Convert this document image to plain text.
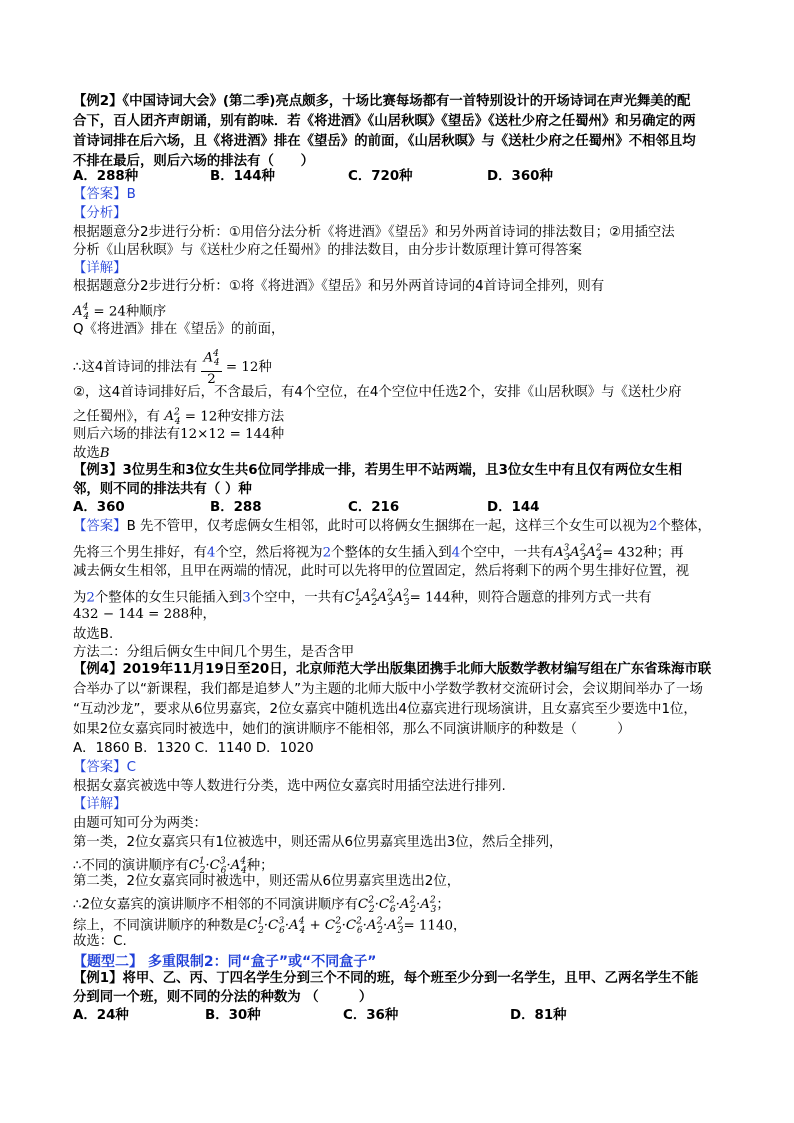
【例2】《中国诗词大会》(第二季)亮点颇多，十场比赛每场都有一首特别设计的开场诗词在声光舞美的配
合下，百人团齐声朗诵，别有韵味．若《将进酒》《山居秋暝》《望岳》《送杜少府之任蜀州》和另确定的两
首诗词排在后六场，且《将进酒》排在《望岳》的前面，《山居秋暝》与《送杜少府之任蜀州》不相邻且均
不排在最后，则后六场的排法有（　　）
A．288种	B．144种	C．720种	D．360种
【答案】B
【分析】
根据题意分2步进行分析：①用倍分法分析《将进酒》《望岳》和另外两首诗词的排法数目；②用插空法
分析《山居秋暝》与《送杜少府之任蜀州》的排法数目，由分步计数原理计算可得答案
【详解】
根据题意分2步进行分析：①将《将进酒》《望岳》和另外两首诗词的4首诗词全排列，则有
$A^4_4 = 24$种顺序
Q《将进酒》排在《望岳》的前面，
∴这4首诗词的排法有 $\frac{A^4_4}{2} = 12$种
②，这4首诗词排好后，不含最后，有4个空位，在4个空位中任选2个，安排《山居秋暝》与《送杜少府
之任蜀州》，有 $A^2_4 = 12$种安排方法
则后六场的排法有12×12 = 144种
故选B
【例3】3位男生和3位女生共6位同学排成一排，若男生甲不站两端，且3位女生中有且仅有两位女生相
邻，则不同的排法共有（ ）种
A．360	B．288	C．216	D．144
【答案】B 先不管甲，仅考虑俩女生相邻，此时可以将俩女生捆绑在一起，这样三个女生可以视为2个整体，
先将三个男生排好，有4个空，然后将视为2个整体的女生插入到4个空中，一共有$A^3_3A^2_3A^2_4= 432$种；再
减去俩女生相邻，且甲在两端的情况，此时可以先将甲的位置固定，然后将剩下的两个男生排好位置，视
为2个整体的女生只能插入到3个空中，一共有$C^1_2A^2_2A^2_3A^2_3= 144$种，则符合题意的排列方式一共有
432 − 144 = 288种，
故选B.
方法二：分组后俩女生中间几个男生，是否含甲
【例4】2019年11月19日至20日，北京师范大学出版集团携手北师大版数学教材编写组在广东省珠海市联
合举办了以“新课程，我们都是追梦人”为主题的北师大版中小学数学教材交流研讨会，会议期间举办了一场
“互动沙龙”，要求从6位男嘉宾，2位女嘉宾中随机选出4位嘉宾进行现场演讲，且女嘉宾至少要选中1位，
如果2位女嘉宾同时被选中，她们的演讲顺序不能相邻，那么不同演讲顺序的种数是（　　　）
A．1860 B．1320 C．1140 D．1020
【答案】C
根据女嘉宾被选中等人数进行分类，选中两位女嘉宾时用插空法进行排列.
【详解】
由题可知可分为两类：
第一类，2位女嘉宾只有1位被选中，则还需从6位男嘉宾里选出3位，然后全排列，
∴不同的演讲顺序有$C^1_2\cdot C^3_6\cdot A^4_4$种；
第二类，2位女嘉宾同时被选中，则还需从6位男嘉宾里选出2位，
∴2位女嘉宾的演讲顺序不相邻的不同演讲顺序有$C^2_2\cdot C^2_6\cdot A^2_2\cdot A^2_3$；
综上，不同演讲顺序的种数是$C^1_2\cdot C^3_6\cdot A^4_4 + C^2_2\cdot C^2_6\cdot A^2_2\cdot A^2_3= 1140$，
故选：C.
【题型二】 多重限制2：同“盒子”或“不同盒子”
【例1】将甲、乙、丙、丁四名学生分到三个不同的班，每个班至少分到一名学生，且甲、乙两名学生不能
分到同一个班，则不同的分法的种数为 （　　　）
A．24种	B．30种	C．36种	D．81种
